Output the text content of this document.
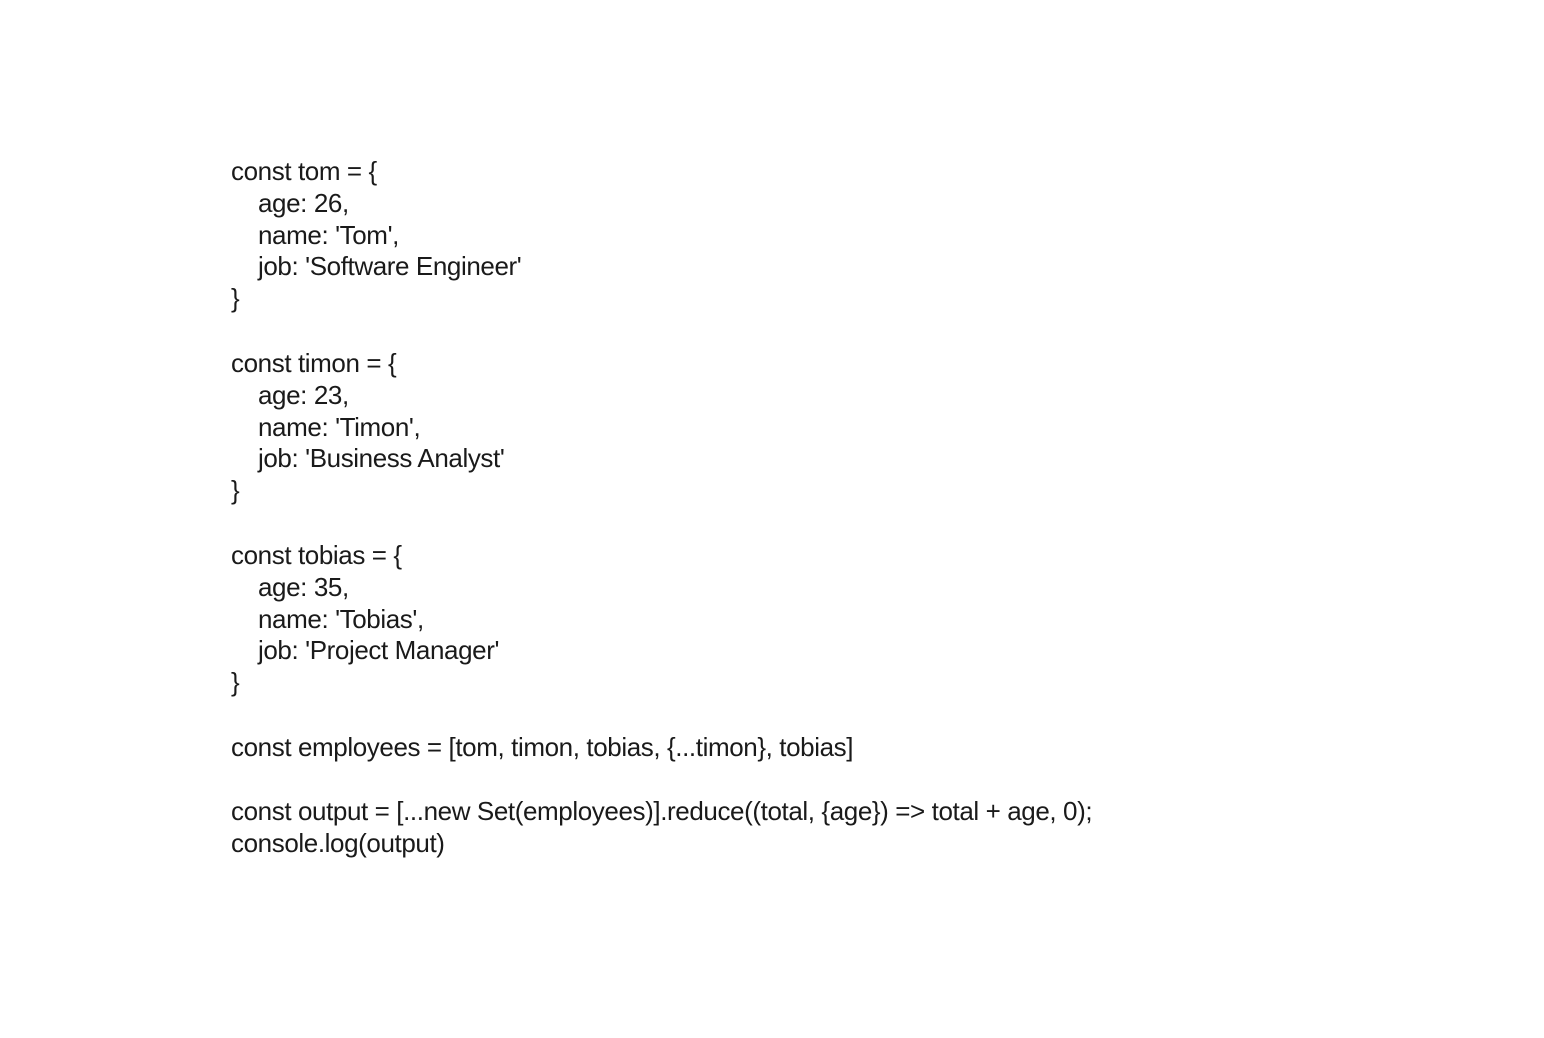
const tom = {
age: 26,
name: 'Tom',
job: 'Software Engineer'
}
const timon = {
age: 23,
name: 'Timon',
job: 'Business Analyst'
}
const tobias = {
age: 35,
name: 'Tobias',
job: 'Project Manager'
}
const employees = [tom, timon, tobias, {...timon}, tobias]
const output = [...new Set(employees)].reduce((total, {age}) => total + age, 0);
console.log(output)
